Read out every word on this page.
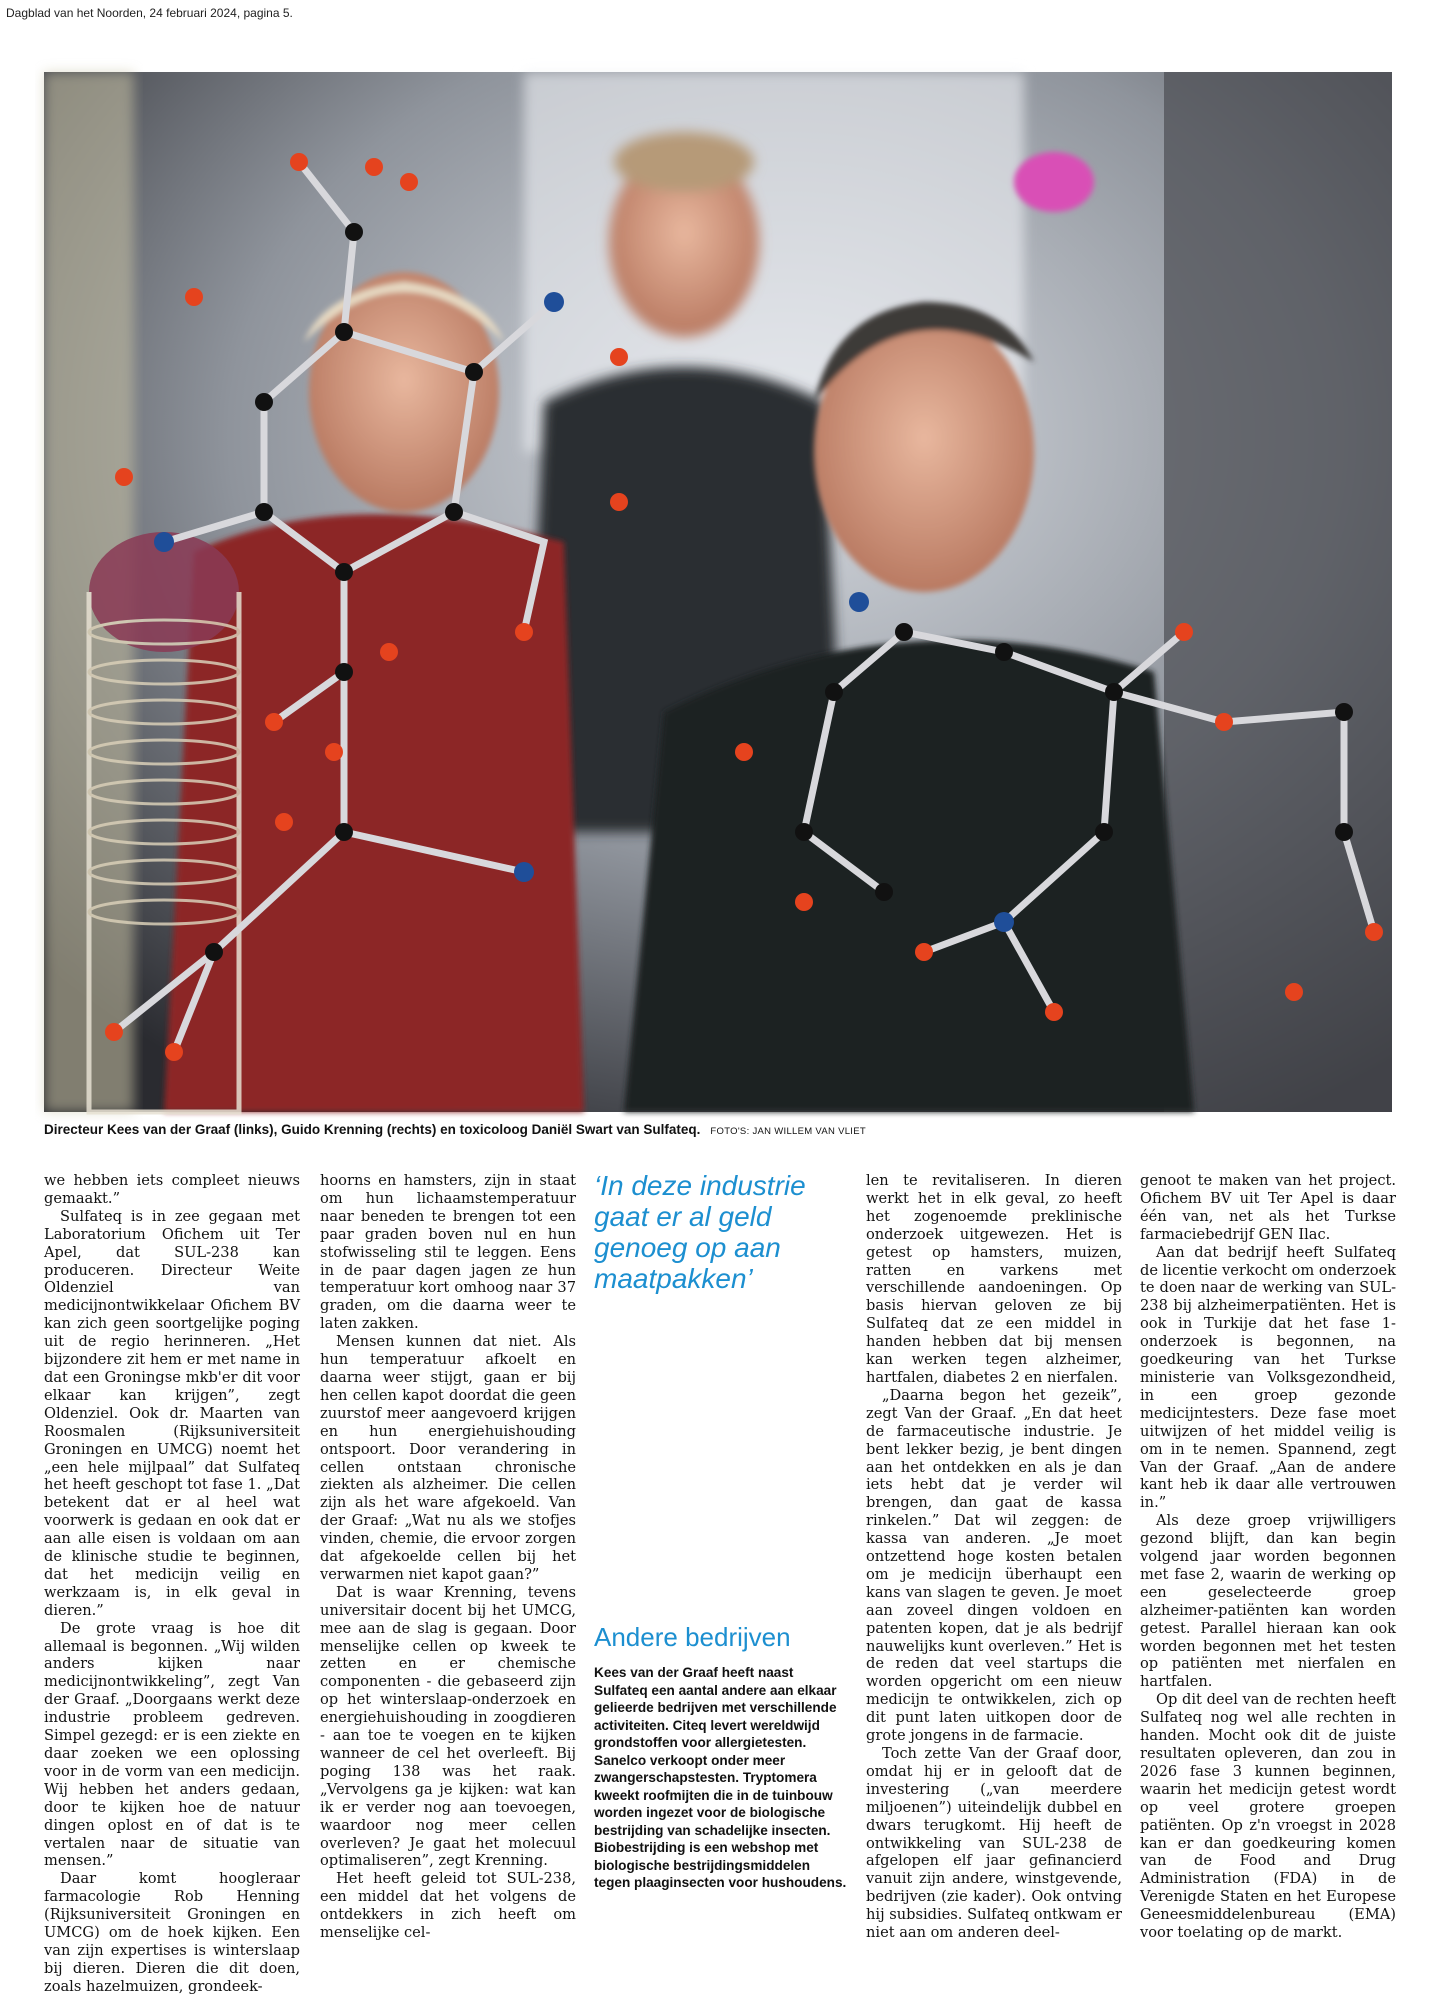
Dagblad van het Noorden, 24 februari 2024, pagina 5.
Directeur Kees van der Graaf (links), Guido Krenning (rechts) en toxicoloog Daniël Swart van Sulfateq. FOTO'S: JAN WILLEM VAN VLIET

we hebben iets compleet nieuws gemaakt.”

Sulfateq is in zee gegaan met Laboratorium Ofichem uit Ter Apel, dat SUL-238 kan produceren. Directeur Weite Oldenziel van medicijnontwikkelaar Ofichem BV kan zich geen soortgelijke poging uit de regio herinneren. „Het bijzondere zit hem er met name in dat een Groningse mkb'er dit voor elkaar kan krijgen”, zegt Oldenziel. Ook dr. Maarten van Roosmalen (Rijksuniversiteit Groningen en UMCG) noemt het „een hele mijlpaal” dat Sulfateq het heeft geschopt tot fase 1. „Dat betekent dat er al heel wat voorwerk is gedaan en ook dat er aan alle eisen is voldaan om aan de klinische studie te beginnen, dat het medicijn veilig en werkzaam is, in elk geval in dieren.”

De grote vraag is hoe dit allemaal is begonnen. „Wij wilden anders kijken naar medicijnontwikkeling”, zegt Van der Graaf. „Doorgaans werkt deze industrie probleem gedreven. Simpel gezegd: er is een ziekte en daar zoeken we een oplossing voor in de vorm van een medicijn. Wij hebben het anders gedaan, door te kijken hoe de natuur dingen oplost en of dat is te vertalen naar de situatie van mensen.”

Daar komt hoogleraar farmacologie Rob Henning (Rijksuniversiteit Groningen en UMCG) om de hoek kijken. Een van zijn expertises is winterslaap bij dieren. Dieren die dit doen, zoals hazelmuizen, grondeek-

hoorns en hamsters, zijn in staat om hun lichaamstemperatuur naar beneden te brengen tot een paar graden boven nul en hun stofwisseling stil te leggen. Eens in de paar dagen jagen ze hun temperatuur kort omhoog naar 37 graden, om die daarna weer te laten zakken.

Mensen kunnen dat niet. Als hun temperatuur afkoelt en daarna weer stijgt, gaan er bij hen cellen kapot doordat die geen zuurstof meer aangevoerd krijgen en hun energiehuishouding ontspoort. Door verandering in cellen ontstaan chronische ziekten als alzheimer. Die cellen zijn als het ware afgekoeld. Van der Graaf: „Wat nu als we stofjes vinden, chemie, die ervoor zorgen dat afgekoelde cellen bij het verwarmen niet kapot gaan?”

Dat is waar Krenning, tevens universitair docent bij het UMCG, mee aan de slag is gegaan. Door menselijke cellen op kweek te zetten en er chemische componenten - die gebaseerd zijn op het winterslaap-onderzoek en energiehuishouding in zoogdieren - aan toe te voegen en te kijken wanneer de cel het overleeft. Bij poging 138 was het raak. „Vervolgens ga je kijken: wat kan ik er verder nog aan toevoegen, waardoor nog meer cellen overleven? Je gaat het molecuul optimaliseren”, zegt Krenning.

Het heeft geleid tot SUL-238, een middel dat het volgens de ontdekkers in zich heeft om menselijke cel-

‘In deze industrie gaat er al geld genoeg op aan maatpakken’
Andere bedrijven

Kees van der Graaf heeft naast Sulfateq een aantal andere aan elkaar gelieerde bedrijven met verschillende activiteiten. Citeq levert wereldwijd grondstoffen voor allergietesten. Sanelco verkoopt onder meer zwangerschapstesten. Tryptomera kweekt roofmijten die in de tuinbouw worden ingezet voor de biologische bestrijding van schadelijke insecten. Biobestrijding is een webshop met biologische bestrijdingsmiddelen tegen plaaginsecten voor hushoudens.

len te revitaliseren. In dieren werkt het in elk geval, zo heeft het zogenoemde preklinische onderzoek uitgewezen. Het is getest op hamsters, muizen, ratten en varkens met verschillende aandoeningen. Op basis hiervan geloven ze bij Sulfateq dat ze een middel in handen hebben dat bij mensen kan werken tegen alzheimer, hartfalen, diabetes 2 en nierfalen.

„Daarna begon het gezeik”, zegt Van der Graaf. „En dat heet de farmaceutische industrie. Je bent lekker bezig, je bent dingen aan het ontdekken en als je dan iets hebt dat je verder wil brengen, dan gaat de kassa rinkelen.” Dat wil zeggen: de kassa van anderen. „Je moet ontzettend hoge kosten betalen om je medicijn überhaupt een kans van slagen te geven. Je moet aan zoveel dingen voldoen en patenten kopen, dat je als bedrijf nauwelijks kunt overleven.” Het is de reden dat veel startups die worden opgericht om een nieuw medicijn te ontwikkelen, zich op dit punt laten uitkopen door de grote jongens in de farmacie.

Toch zette Van der Graaf door, omdat hij er in gelooft dat de investering („van meerdere miljoenen”) uiteindelijk dubbel en dwars terugkomt. Hij heeft de ontwikkeling van SUL-238 de afgelopen elf jaar gefinancierd vanuit zijn andere, winstgevende, bedrijven (zie kader). Ook ontving hij subsidies. Sulfateq ontkwam er niet aan om anderen deel-

genoot te maken van het project. Ofichem BV uit Ter Apel is daar één van, net als het Turkse farmaciebedrijf GEN Ilac.

Aan dat bedrijf heeft Sulfateq de licentie verkocht om onderzoek te doen naar de werking van SUL-238 bij alzheimerpatiënten. Het is ook in Turkije dat het fase 1-onderzoek is begonnen, na goedkeuring van het Turkse ministerie van Volksgezondheid, in een groep gezonde medicijntesters. Deze fase moet uitwijzen of het middel veilig is om in te nemen. Spannend, zegt Van der Graaf. „Aan de andere kant heb ik daar alle vertrouwen in.”

Als deze groep vrijwilligers gezond blijft, dan kan begin volgend jaar worden begonnen met fase 2, waarin de werking op een geselecteerde groep alzheimer-patiënten kan worden getest. Parallel hieraan kan ook worden begonnen met het testen op patiënten met nierfalen en hartfalen.

Op dit deel van de rechten heeft Sulfateq nog wel alle rechten in handen. Mocht ook dit de juiste resultaten opleveren, dan zou in 2026 fase 3 kunnen beginnen, waarin het medicijn getest wordt op veel grotere groepen patiënten. Op z'n vroegst in 2028 kan er dan goedkeuring komen van de Food and Drug Administration (FDA) in de Verenigde Staten en het Europese Geneesmiddelenbureau (EMA) voor toelating op de markt.
